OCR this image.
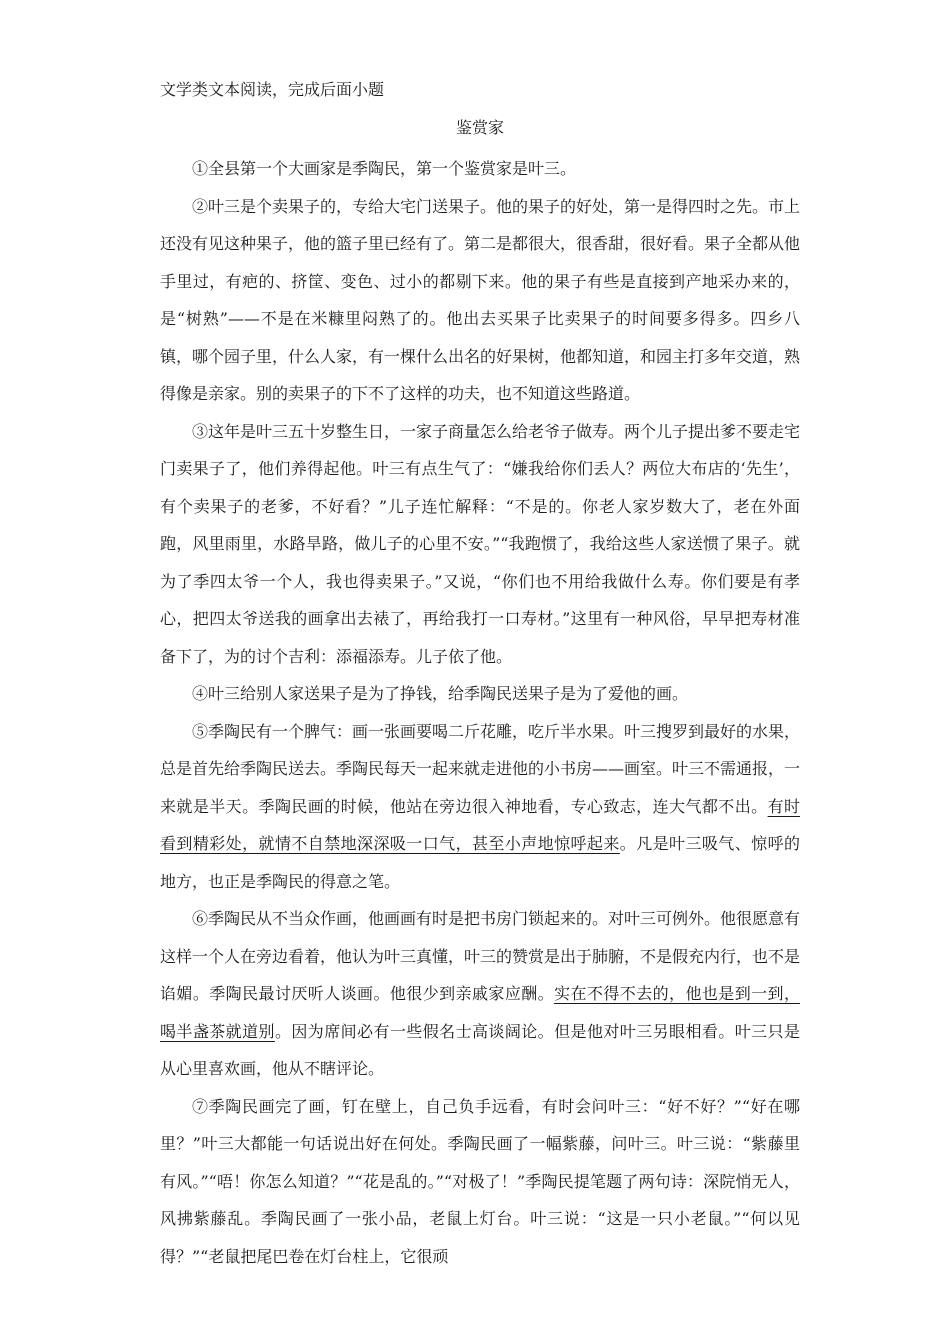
文学类文本阅读，完成后面小题

鉴赏家

①全县第一个大画家是季陶民，第一个鉴赏家是叶三。

②叶三是个卖果子的，专给大宅门送果子。他的果子的好处，第一是得四时之先。市上还没有见这种果子，他的篮子里已经有了。第二是都很大，很香甜，很好看。果子全都从他手里过，有疤的、挤筐、变色、过小的都剔下来。他的果子有些是直接到产地采办来的，是“树熟”——不是在米糠里闷熟了的。他出去买果子比卖果子的时间要多得多。四乡八镇，哪个园子里，什么人家，有一棵什么出名的好果树，他都知道，和园主打多年交道，熟得像是亲家。别的卖果子的下不了这样的功夫，也不知道这些路道。

③这年是叶三五十岁整生日，一家子商量怎么给老爷子做寿。两个儿子提出爹不要走宅门卖果子了，他们养得起他。叶三有点生气了：“嫌我给你们丢人？两位大布店的‘先生’，有个卖果子的老爹，不好看？”儿子连忙解释：“不是的。你老人家岁数大了，老在外面跑，风里雨里，水路旱路，做儿子的心里不安。”“我跑惯了，我给这些人家送惯了果子。就为了季四太爷一个人，我也得卖果子。”又说，“你们也不用给我做什么寿。你们要是有孝心，把四太爷送我的画拿出去裱了，再给我打一口寿材。”这里有一种风俗，早早把寿材准备下了，为的讨个吉利：添福添寿。儿子依了他。

④叶三给别人家送果子是为了挣钱，给季陶民送果子是为了爱他的画。

⑤季陶民有一个脾气：画一张画要喝二斤花雕，吃斤半水果。叶三搜罗到最好的水果，总是首先给季陶民送去。季陶民每天一起来就走进他的小书房——画室。叶三不需通报，一来就是半天。季陶民画的时候，他站在旁边很入神地看，专心致志，连大气都不出。有时看到精彩处，就情不自禁地深深吸一口气，甚至小声地惊呼起来。凡是叶三吸气、惊呼的地方，也正是季陶民的得意之笔。

⑥季陶民从不当众作画，他画画有时是把书房门锁起来的。对叶三可例外。他很愿意有这样一个人在旁边看着，他认为叶三真懂，叶三的赞赏是出于肺腑，不是假充内行，也不是谄媚。季陶民最讨厌听人谈画。他很少到亲戚家应酬。实在不得不去的，他也是到一到，喝半盏茶就道别。因为席间必有一些假名士高谈阔论。但是他对叶三另眼相看。叶三只是从心里喜欢画，他从不瞎评论。

⑦季陶民画完了画，钉在壁上，自己负手远看，有时会问叶三：“好不好？”“好在哪里？”叶三大都能一句话说出好在何处。季陶民画了一幅紫藤，问叶三。叶三说：“紫藤里有风。”“唔！你怎么知道？”“花是乱的。”“对极了！”季陶民提笔题了两句诗：深院悄无人，风拂紫藤乱。季陶民画了一张小品，老鼠上灯台。叶三说：“这是一只小老鼠。”“何以见得？”“老鼠把尾巴卷在灯台柱上，它很顽
